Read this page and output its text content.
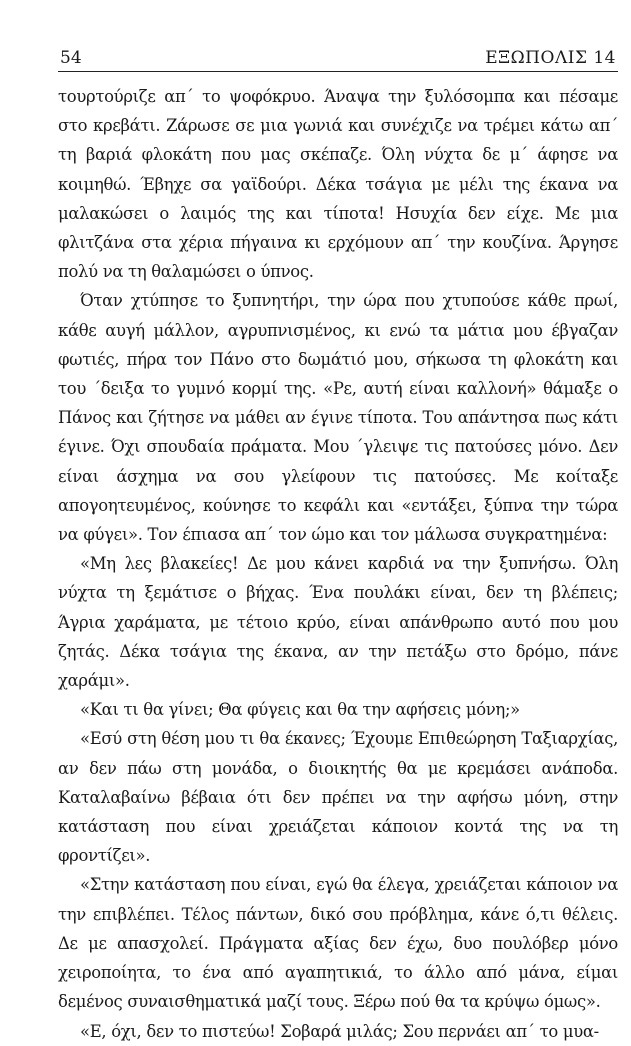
54	ΕΞΩΠΟΛΙΣ 14

τουρτούριζε απ΄ το ψοφόκρυο. Άναψα την ξυλόσομπα και πέσαμε στο κρεβάτι. Ζάρωσε σε μια γωνιά και συνέχιζε να τρέμει κάτω απ΄ τη βαριά φλοκάτη που μας σκέπαζε. Όλη νύχτα δε μ΄ άφησε να κοιμηθώ. Έβηχε σα γαϊδούρι. Δέκα τσάγια με μέλι της έκανα να μαλακώσει ο λαιμός της και τίποτα! Ησυχία δεν είχε. Με μια φλιτζάνα στα χέρια πήγαινα κι ερχόμουν απ΄ την κουζίνα. Άργησε πολύ να τη θαλαμώσει ο ύπνος.

Όταν χτύπησε το ξυπνητήρι, την ώρα που χτυπούσε κάθε πρωί, κάθε αυγή μάλλον, αγρυπνισμένος, κι ενώ τα μάτια μου έβγαζαν φωτιές, πήρα τον Πάνο στο δωμάτιό μου, σήκωσα τη φλοκάτη και του ΄δειξα το γυμνό κορμί της. «Ρε, αυτή είναι καλλονή» θάμαξε ο Πάνος και ζήτησε να μάθει αν έγινε τίποτα. Του απάντησα πως κάτι έγινε. Όχι σπουδαία πράματα. Μου ΄γλειψε τις πατούσες μόνο. Δεν είναι άσχημα να σου γλείφουν τις πατούσες. Με κοίταξε απογοητευμένος, κούνησε το κεφάλι και «εντάξει, ξύπνα την τώρα να φύγει». Τον έπιασα απ΄ τον ώμο και τον μάλωσα συγκρατημένα:

«Μη λες βλακείες! Δε μου κάνει καρδιά να την ξυπνήσω. Όλη νύχτα τη ξεμάτισε ο βήχας. Ένα πουλάκι είναι, δεν τη βλέπεις; Άγρια χαράματα, με τέτοιο κρύο, είναι απάνθρωπο αυτό που μου ζητάς. Δέκα τσάγια της έκανα, αν την πετάξω στο δρόμο, πάνε χαράμι».

«Και τι θα γίνει; Θα φύγεις και θα την αφήσεις μόνη;»

«Εσύ στη θέση μου τι θα έκανες; Έχουμε Επιθεώρηση Ταξιαρχίας, αν δεν πάω στη μονάδα, ο διοικητής θα με κρεμάσει ανάποδα. Καταλαβαίνω βέβαια ότι δεν πρέπει να την αφήσω μόνη, στην κατάσταση που είναι χρειάζεται κάποιον κοντά της να τη φροντίζει».

«Στην κατάσταση που είναι, εγώ θα έλεγα, χρειάζεται κάποιον να την επιβλέπει. Τέλος πάντων, δικό σου πρόβλημα, κάνε ό,τι θέλεις. Δε με απασχολεί. Πράγματα αξίας δεν έχω, δυο πουλόβερ μόνο χειροποίητα, το ένα από αγαπητικιά, το άλλο από μάνα, είμαι δεμένος συναισθηματικά μαζί τους. Ξέρω πού θα τα κρύψω όμως».

«Ε, όχι, δεν το πιστεύω! Σοβαρά μιλάς; Σου περνάει απ΄ το μυα-
